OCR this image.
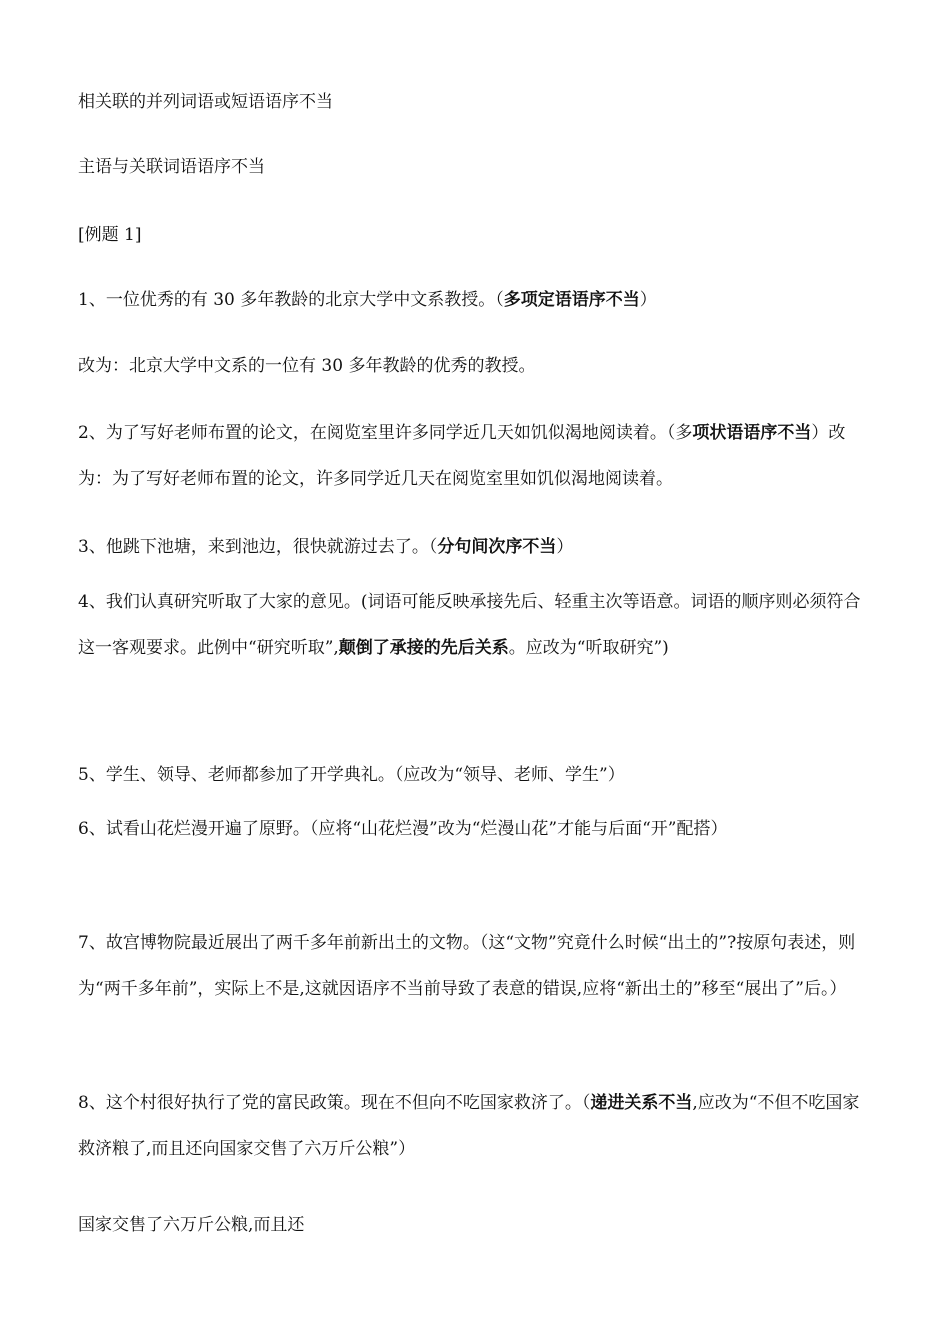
相关联的并列词语或短语语序不当
主语与关联词语语序不当
[例题 1]
1、一位优秀的有 30 多年教龄的北京大学中文系教授。（多项定语语序不当）
改为：北京大学中文系的一位有 30 多年教龄的优秀的教授。
2、为了写好老师布置的论文，在阅览室里许多同学近几天如饥似渴地阅读着。（多项状语语序不当）改为：为了写好老师布置的论文，许多同学近几天在阅览室里如饥似渴地阅读着。
3、他跳下池塘，来到池边，很快就游过去了。（分句间次序不当）
4、我们认真研究听取了大家的意见。(词语可能反映承接先后、轻重主次等语意。词语的顺序则必须符合这一客观要求。此例中“研究听取”,颠倒了承接的先后关系。应改为“听取研究”)
5、学生、领导、老师都参加了开学典礼。（应改为“领导、老师、学生”）
6、试看山花烂漫开遍了原野。（应将“山花烂漫”改为“烂漫山花”才能与后面“开”配搭）
7、故宫博物院最近展出了两千多年前新出土的文物。（这“文物”究竟什么时候“出土的”?按原句表述，则为“两千多年前”，实际上不是,这就因语序不当前导致了表意的错误,应将“新出土的”移至“展出了”后。）
8、这个村很好执行了党的富民政策。现在不但向不吃国家救济了。（递进关系不当,应改为“不但不吃国家救济粮了,而且还向国家交售了六万斤公粮”）
国家交售了六万斤公粮,而且还
